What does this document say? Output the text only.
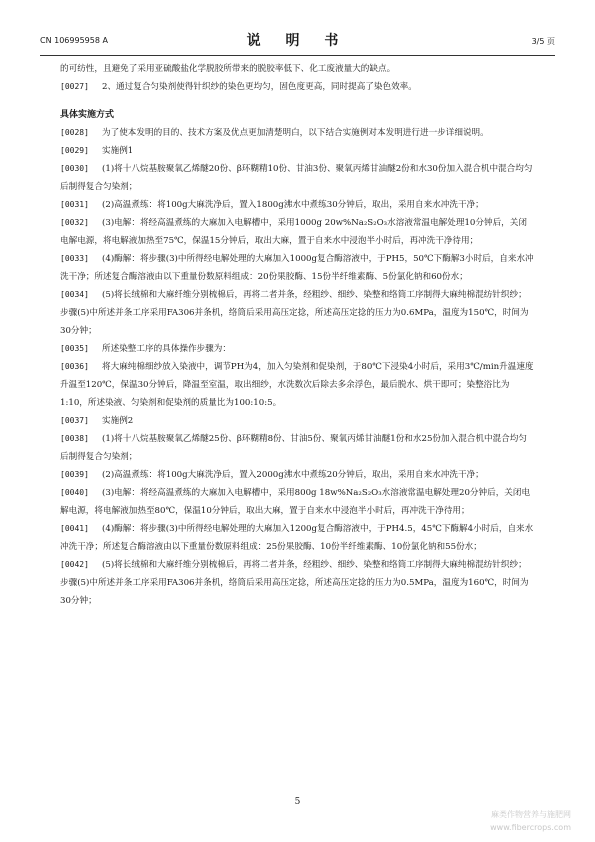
CN 106995958 A	说 明 书	3/5 页

的可纺性，且避免了采用亚硫酸盐化学脱胶所带来的脱胶率低下、化工废液量大的缺点。

[0027] 2、通过复合匀染剂使得针织纱的染色更均匀，固色度更高，同时提高了染色效率。

具体实施方式

[0028] 为了使本发明的目的、技术方案及优点更加清楚明白，以下结合实施例对本发明进行进一步详细说明。

[0029] 实施例1

[0030] (1)将十八烷基胺聚氧乙烯醚20份、β环糊精10份、甘油3份、聚氧丙烯甘油醚2份和水30份加入混合机中混合均匀后制得复合匀染剂；

[0031] (2)高温煮练：将100g大麻洗净后，置入1800g沸水中煮练30分钟后，取出，采用自来水冲洗干净；

[0032] (3)电解：将经高温煮练的大麻加入电解槽中，采用1000g 20w%Na₂S₂O₃水溶液常温电解处理10分钟后，关闭电解电源，将电解液加热至75℃，保温15分钟后，取出大麻，置于自来水中浸泡半小时后，再冲洗干净待用；

[0033] (4)酶解：将步骤(3)中所得经电解处理的大麻加入1000g复合酶溶液中，于PH5，50℃下酶解3小时后，自来水冲洗干净；所述复合酶溶液由以下重量份数原料组成：20份果胶酶、15份半纤维素酶、5份氯化钠和60份水；

[0034] (5)将长绒棉和大麻纤维分别梳棉后，再将二者并条，经粗纱、细纱、染整和络筒工序制得大麻纯棉混纺针织纱；步骤(5)中所述并条工序采用FA306并条机，络筒后采用高压定捻，所述高压定捻的压力为0.6MPa，温度为150℃，时间为30分钟；

[0035] 所述染整工序的具体操作步骤为：

[0036] 将大麻纯棉细纱放入染液中，调节PH为4，加入匀染剂和促染剂，于80℃下浸染4小时后，采用3℃/min升温速度升温至120℃，保温30分钟后，降温至室温，取出细纱，水洗数次后除去多余浮色，最后脱水、烘干即可；染整浴比为1:10，所述染液、匀染剂和促染剂的质量比为100:10:5。

[0037] 实施例2

[0038] (1)将十八烷基胺聚氧乙烯醚25份、β环糊精8份、甘油5份、聚氧丙烯甘油醚1份和水25份加入混合机中混合均匀后制得复合匀染剂；

[0039] (2)高温煮练：将100g大麻洗净后，置入2000g沸水中煮练20分钟后，取出，采用自来水冲洗干净；

[0040] (3)电解：将经高温煮练的大麻加入电解槽中，采用800g 18w%Na₂S₂O₃水溶液常温电解处理20分钟后，关闭电解电源，将电解液加热至80℃，保温10分钟后，取出大麻，置于自来水中浸泡半小时后，再冲洗干净待用；

[0041] (4)酶解：将步骤(3)中所得经电解处理的大麻加入1200g复合酶溶液中，于PH4.5，45℃下酶解4小时后，自来水冲洗干净；所述复合酶溶液由以下重量份数原料组成：25份果胶酶、10份半纤维素酶、10份氯化钠和55份水；

[0042] (5)将长绒棉和大麻纤维分别梳棉后，再将二者并条，经粗纱、细纱、染整和络筒工序制得大麻纯棉混纺针织纱；步骤(5)中所述并条工序采用FA306并条机，络筒后采用高压定捻，所述高压定捻的压力为0.5MPa，温度为160℃，时间为30分钟；

5
麻类作物营养与施肥网
www.fibercrops.com
